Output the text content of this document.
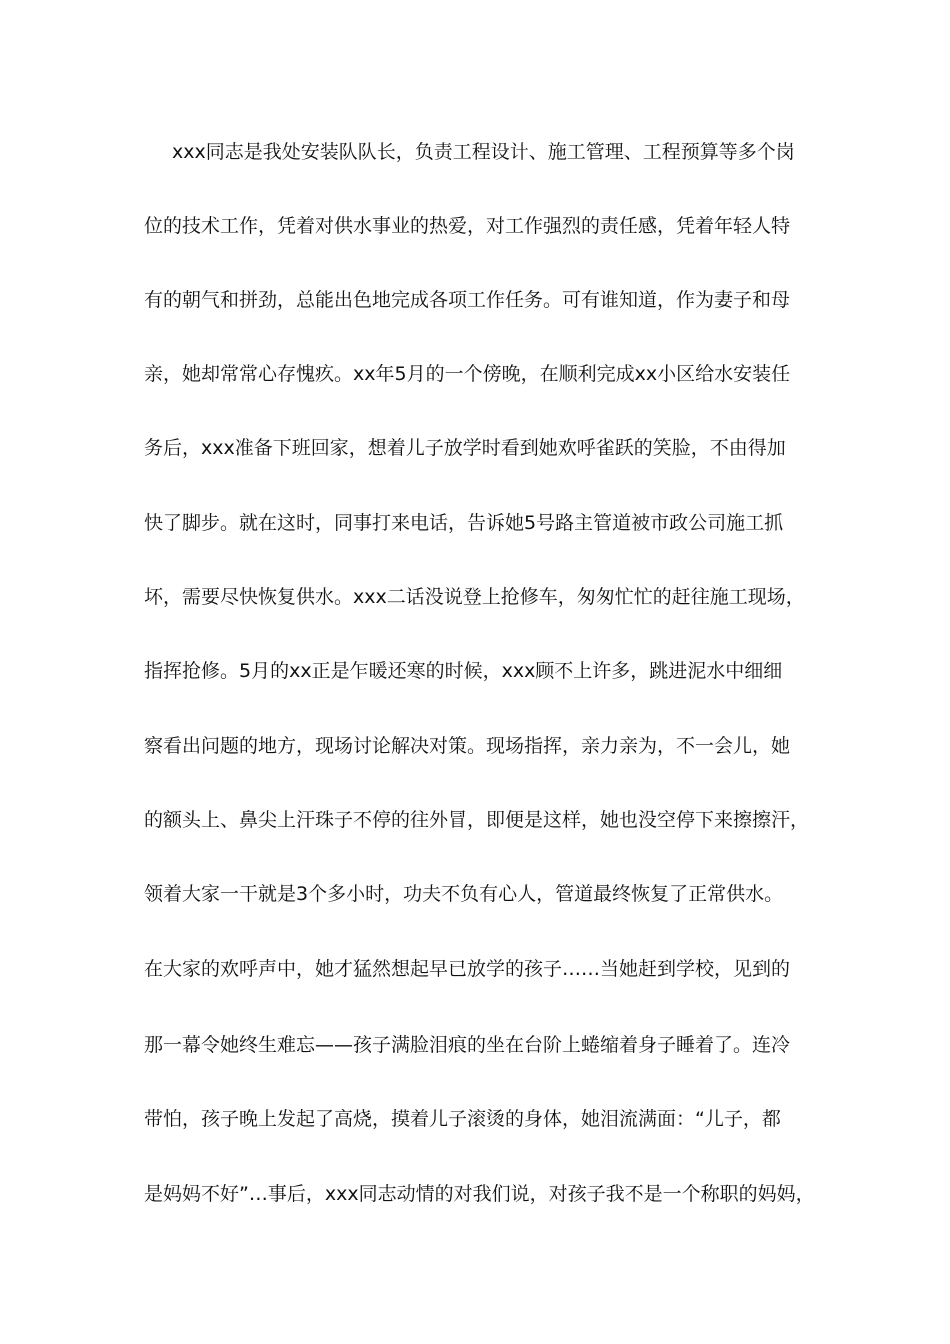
xxx同志是我处安装队队长，负责工程设计、施工管理、工程预算等多个岗
位的技术工作，凭着对供水事业的热爱，对工作强烈的责任感，凭着年轻人特
有的朝气和拼劲，总能出色地完成各项工作任务。可有谁知道，作为妻子和母
亲，她却常常心存愧疚。xx年5月的一个傍晚，在顺利完成xx小区给水安装任
务后，xxx准备下班回家，想着儿子放学时看到她欢呼雀跃的笑脸，不由得加
快了脚步。就在这时，同事打来电话，告诉她5号路主管道被市政公司施工抓
坏，需要尽快恢复供水。xxx二话没说登上抢修车，匆匆忙忙的赶往施工现场，
指挥抢修。5月的xx正是乍暖还寒的时候，xxx顾不上许多，跳进泥水中细细
察看出问题的地方，现场讨论解决对策。现场指挥，亲力亲为，不一会儿，她
的额头上、鼻尖上汗珠子不停的往外冒，即便是这样，她也没空停下来擦擦汗，
领着大家一干就是3个多小时，功夫不负有心人，管道最终恢复了正常供水。
在大家的欢呼声中，她才猛然想起早已放学的孩子……当她赶到学校，见到的
那一幕令她终生难忘——孩子满脸泪痕的坐在台阶上蜷缩着身子睡着了。连冷
带怕，孩子晚上发起了高烧，摸着儿子滚烫的身体，她泪流满面：“儿子，都
是妈妈不好”…事后，xxx同志动情的对我们说，对孩子我不是一个称职的妈妈，
